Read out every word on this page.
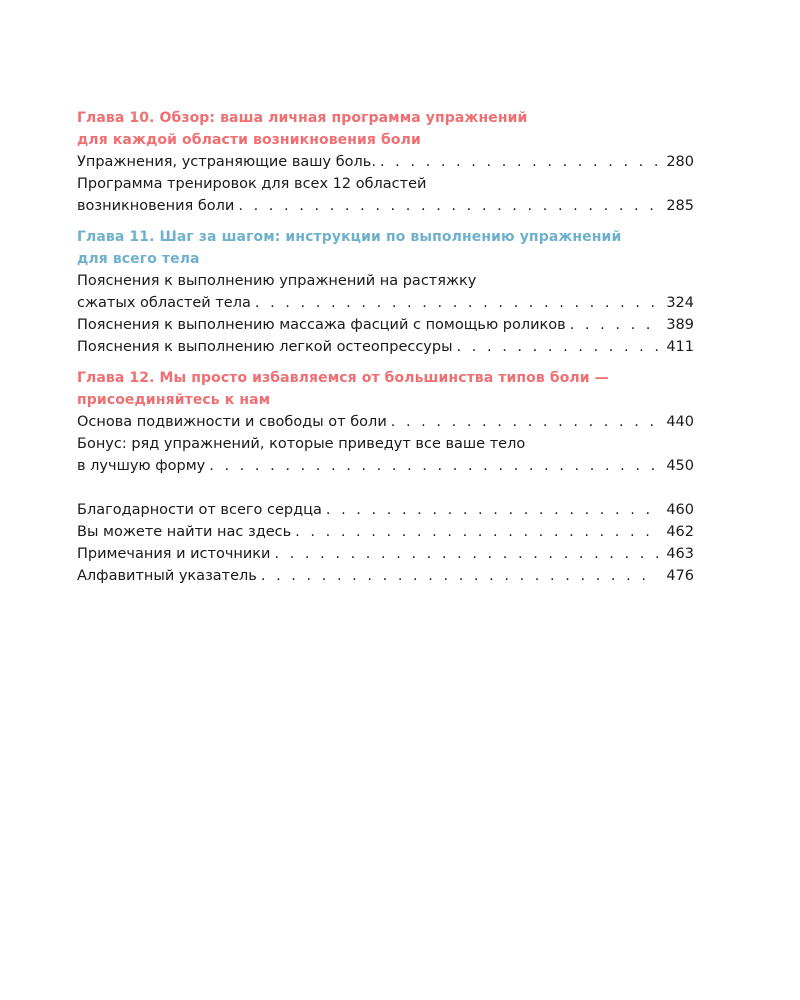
Глава 10. Обзор: ваша личная программа упражнений
для каждой области возникновения боли

Упражнения, устраняющие вашу боль. . . .	280
Программа тренировок для всех 12 областей
возникновения боли . . .	285

Глава 11. Шаг за шагом: инструкции по выполнению упражнений
для всего тела

Пояснения к выполнению упражнений на растяжку
сжатых областей тела . . .	324
Пояснения к выполнению массажа фасций с помощью роликов . . .	389
Пояснения к выполнению легкой остеопрессуры . . .	411

Глава 12. Мы просто избавляемся от большинства типов боли —
присоединяйтесь к нам

Основа подвижности и свободы от боли . . .	440
Бонус: ряд упражнений, которые приведут все ваше тело
в лучшую форму . . .	450
Благодарности от всего сердца . . .	460
Вы можете найти нас здесь . . .	462
Примечания и источники . . .	463
Алфавитный указатель . . .	476
